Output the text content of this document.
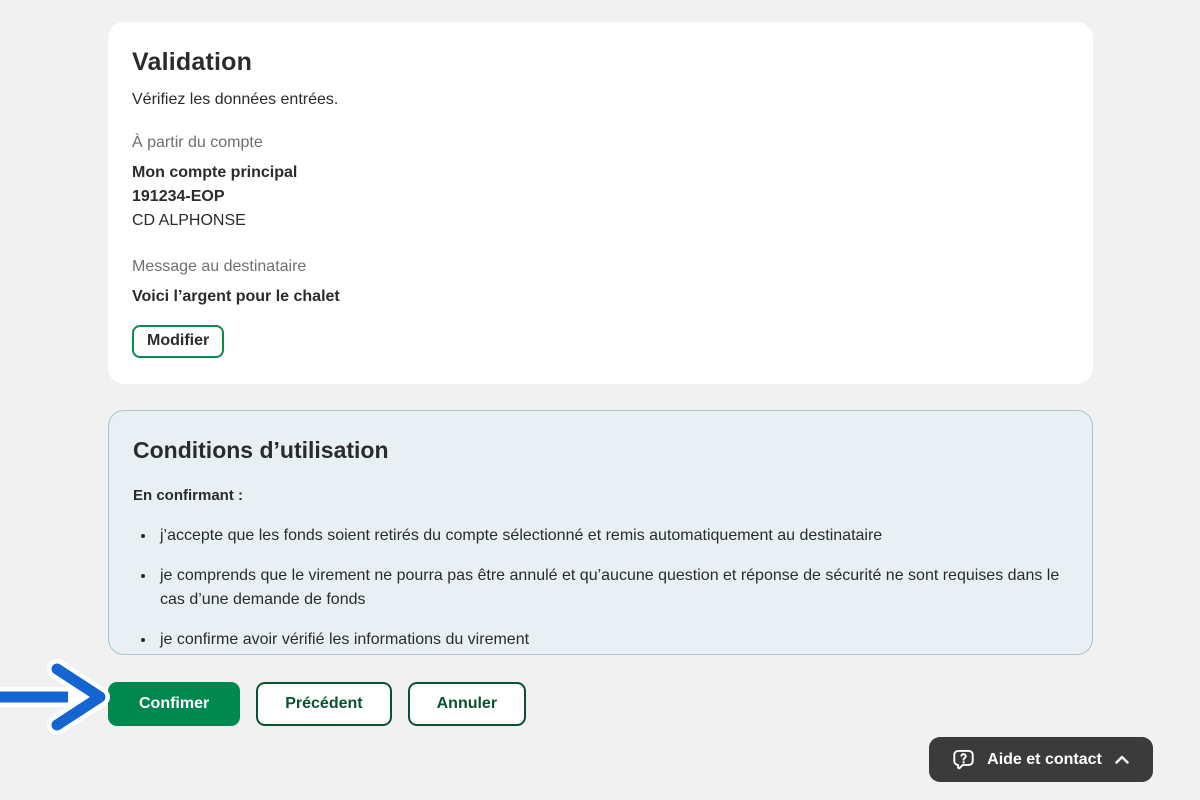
Validation

Vérifiez les données entrées.

À partir du compte

Mon compte principal
191234-EOP
CD ALPHONSE

Message au destinataire

Voici l’argent pour le chalet
Modifier
Conditions d’utilisation

En confirmant :

• j’accepte que les fonds soient retirés du compte sélectionné et remis automatiquement au destinataire
• je comprends que le virement ne pourra pas être annulé et qu’aucune question et réponse de sécurité ne sont requises dans le cas d’une demande de fonds
• je confirme avoir vérifié les informations du virement
Confimer	Précédent	Annuler
Aide et contact
